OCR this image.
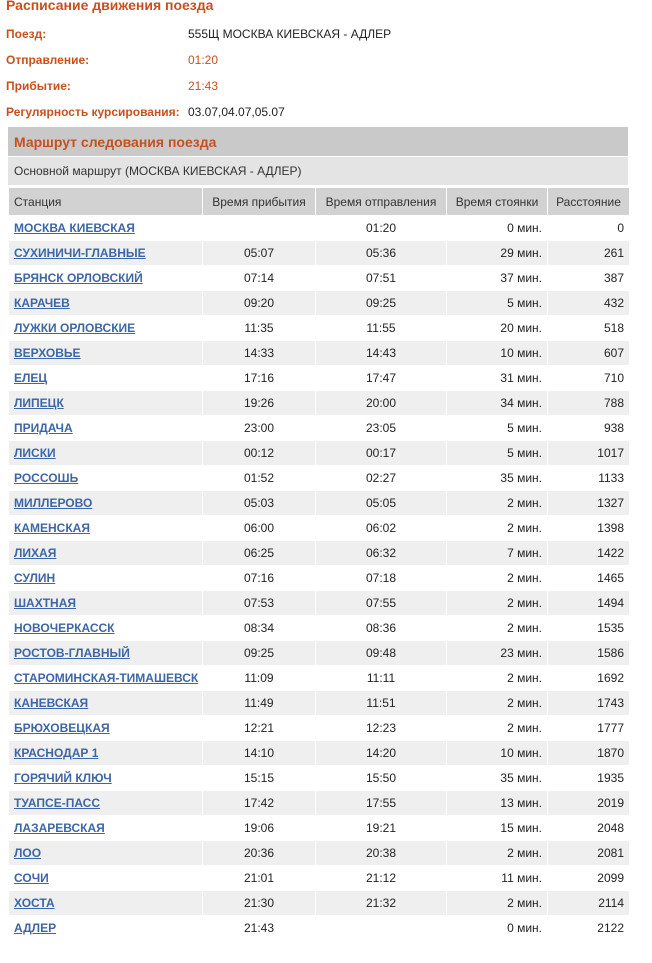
Расписание движения поезда
Поезд:	555Щ МОСКВА КИЕВСКАЯ - АДЛЕР
Отправление:	01:20
Прибытие:	21:43
Регулярность курсирования: 03.07,04.07,05.07
Маршрут следования поезда
Основной маршрут (МОСКВА КИЕВСКАЯ - АДЛЕР)
Станция	Время прибытия	Время отправления	Время стоянки	Расстояние
МОСКВА КИЕВСКАЯ		01:20	0 мин.	0
СУХИНИЧИ-ГЛАВНЫЕ	05:07	05:36	29 мин.	261
БРЯНСК ОРЛОВСКИЙ	07:14	07:51	37 мин.	387
КАРАЧЕВ	09:20	09:25	5 мин.	432
ЛУЖКИ ОРЛОВСКИЕ	11:35	11:55	20 мин.	518
ВЕРХОВЬЕ	14:33	14:43	10 мин.	607
ЕЛЕЦ	17:16	17:47	31 мин.	710
ЛИПЕЦК	19:26	20:00	34 мин.	788
ПРИДАЧА	23:00	23:05	5 мин.	938
ЛИСКИ	00:12	00:17	5 мин.	1017
РОССОШЬ	01:52	02:27	35 мин.	1133
МИЛЛЕРОВО	05:03	05:05	2 мин.	1327
КАМЕНСКАЯ	06:00	06:02	2 мин.	1398
ЛИХАЯ	06:25	06:32	7 мин.	1422
СУЛИН	07:16	07:18	2 мин.	1465
ШАХТНАЯ	07:53	07:55	2 мин.	1494
НОВОЧЕРКАССК	08:34	08:36	2 мин.	1535
РОСТОВ-ГЛАВНЫЙ	09:25	09:48	23 мин.	1586
СТАРОМИНСКАЯ-ТИМАШЕВСК	11:09	11:11	2 мин.	1692
КАНЕВСКАЯ	11:49	11:51	2 мин.	1743
БРЮХОВЕЦКАЯ	12:21	12:23	2 мин.	1777
КРАСНОДАР 1	14:10	14:20	10 мин.	1870
ГОРЯЧИЙ КЛЮЧ	15:15	15:50	35 мин.	1935
ТУАПСЕ-ПАСС	17:42	17:55	13 мин.	2019
ЛАЗАРЕВСКАЯ	19:06	19:21	15 мин.	2048
ЛОО	20:36	20:38	2 мин.	2081
СОЧИ	21:01	21:12	11 мин.	2099
ХОСТА	21:30	21:32	2 мин.	2114
АДЛЕР	21:43		0 мин.	2122
